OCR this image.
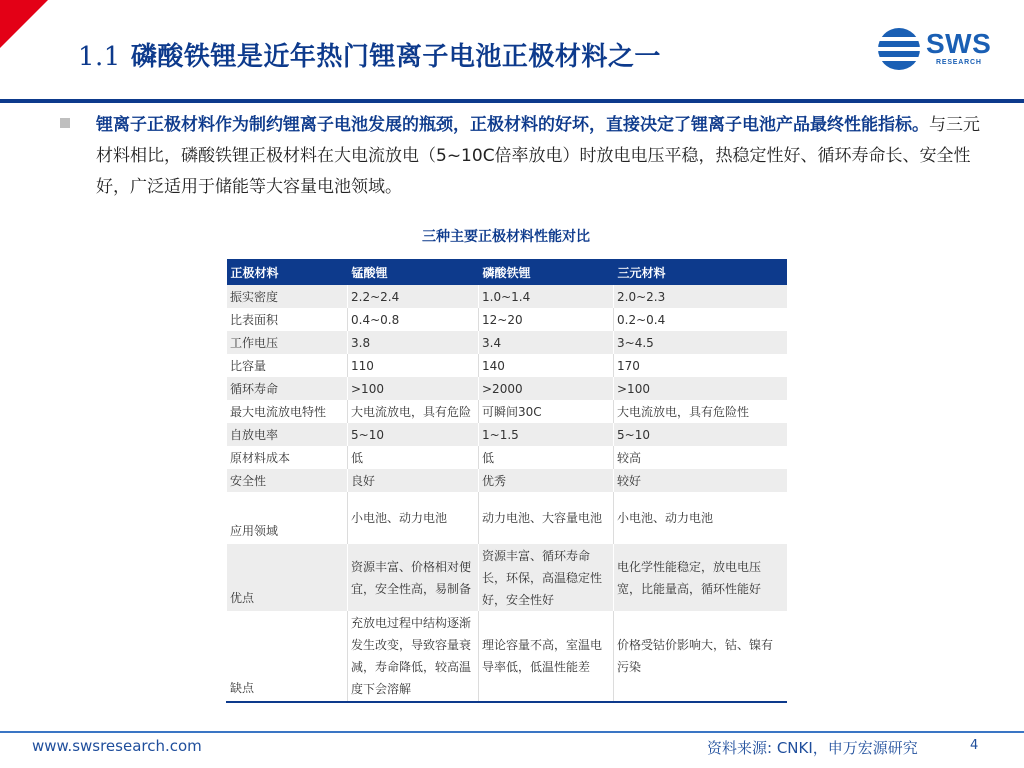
1.1 磷酸铁锂是近年热门锂离子电池正极材料之一	SWS
RESEARCH
锂离子正极材料作为制约锂离子电池发展的瓶颈，正极材料的好坏，直接决定了锂离子电池产品最终性能指标。与三元材料相比，磷酸铁锂正极材料在大电流放电（5~10C倍率放电）时放电电压平稳，热稳定性好、循环寿命长、安全性好，广泛适用于储能等大容量电池领域。
三种主要正极材料性能对比
正极材料	锰酸锂	磷酸铁锂	三元材料
振实密度	2.2~2.4	1.0~1.4	2.0~2.3
比表面积	0.4~0.8	12~20	0.2~0.4
工作电压	3.8	3.4	3~4.5
比容量	110	140	170
循环寿命	>100	>2000	>100
最大电流放电特性	大电流放电，具有危险	可瞬间30C	大电流放电，具有危险性
自放电率	5~10	1~1.5	5~10
原材料成本	低	低	较高
安全性	良好	优秀	较好
应用领域	小电池、动力电池	动力电池、大容量电池	小电池、动力电池
优点	资源丰富、价格相对便宜，安全性高，易制备	资源丰富、循环寿命长，环保，高温稳定性好，安全性好	电化学性能稳定，放电电压宽，比能量高，循环性能好
缺点	充放电过程中结构逐渐发生改变，导致容量衰减，寿命降低，较高温度下会溶解	理论容量不高，室温电导率低，低温性能差	价格受钴价影响大，钴、镍有污染
www.swsresearch.com	资料来源: CNKI，申万宏源研究	4
